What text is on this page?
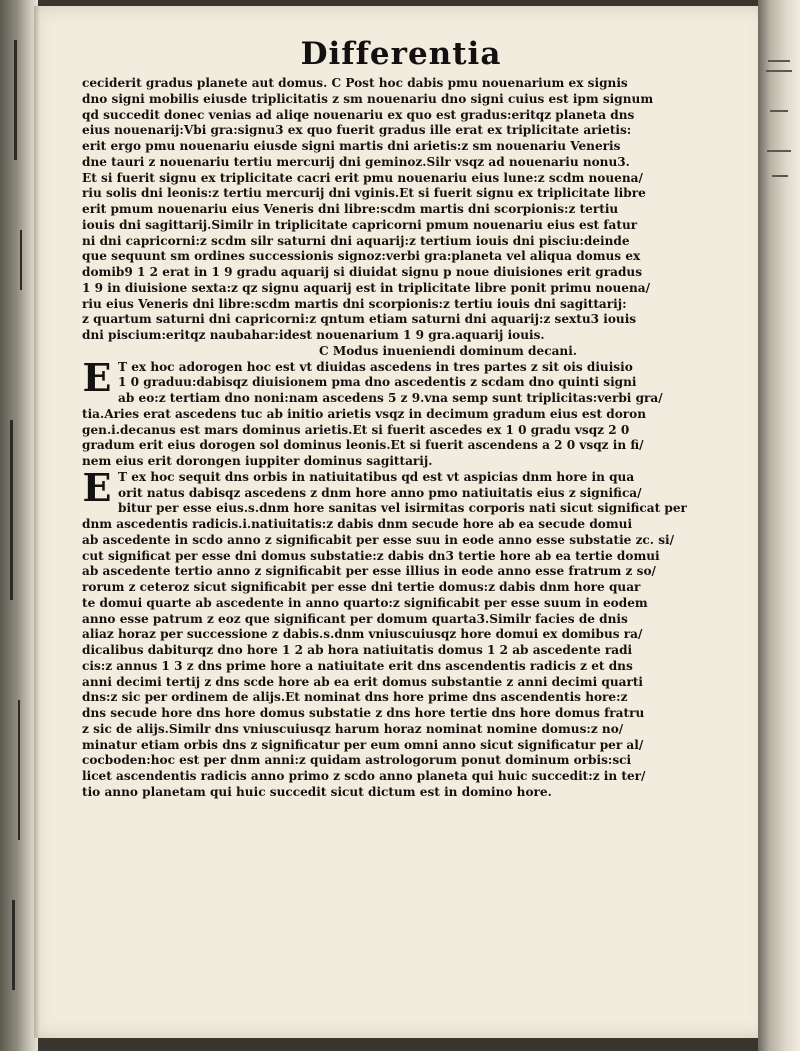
Differentia
ceciderit gradus planete aut domus. C Post hoc dabis pmu nouenarium ex signis
dno signi mobilis eiusde triplicitatis z sm nouenariu dno signi cuius est ipm signum
qd succedit donec venias ad aliqe nouenariu ex quo est gradus:eritqz planeta dns
eius nouenarij:Vbi gra:signu3 ex quo fuerit gradus ille erat ex triplicitate arietis:
erit ergo pmu nouenariu eiusde signi martis dni arietis:z sm nouenariu Veneris
dne tauri z nouenariu tertiu mercurij dni geminoz.Silr vsqz ad nouenariu nonu3.
Et si fuerit signu ex triplicitate cacri erit pmu nouenariu eius lune:z scdm nouena/
riu solis dni leonis:z tertiu mercurij dni vginis.Et si fuerit signu ex triplicitate libre
erit pmum nouenariu eius Veneris dni libre:scdm martis dni scorpionis:z tertiu
iouis dni sagittarij.Similr in triplicitate capricorni pmum nouenariu eius est fatur
ni dni capricorni:z scdm silr saturni dni aquarij:z tertium iouis dni pisciu:deinde
que sequunt sm ordines successionis signoz:verbi gra:planeta vel aliqua domus ex
domib9 1 2 erat in 1 9 gradu aquarij si diuidat signu p noue diuisiones erit gradus
1 9 in diuisione sexta:z qz signu aquarij est in triplicitate libre ponit primu nouena/
riu eius Veneris dni libre:scdm martis dni scorpionis:z tertiu iouis dni sagittarij:
z quartum saturni dni capricorni:z qntum etiam saturni dni aquarij:z sextu3 iouis
dni piscium:eritqz naubahar:idest nouenarium 1 9 gra.aquarij iouis.
C Modus inueniendi dominum decani.
E T ex hoc adorogen hoc est vt diuidas ascedens in tres partes z sit ois diuisio
1 0 graduu:dabisqz diuisionem pma dno ascedentis z scdam dno quinti signi
ab eo:z tertiam dno noni:nam ascedens 5 z 9.vna semp sunt triplicitas:verbi gra/
tia.Aries erat ascedens tuc ab initio arietis vsqz in decimum gradum eius est doron
gen.i.decanus est mars dominus arietis.Et si fuerit ascedes ex 1 0 gradu vsqz 2 0
gradum erit eius dorogen sol dominus leonis.Et si fuerit ascendens a 2 0 vsqz in fi/
nem eius erit dorongen iuppiter dominus sagittarij.
E T ex hoc sequit dns orbis in natiuitatibus qd est vt aspicias dnm hore in qua
orit natus dabisqz ascedens z dnm hore anno pmo natiuitatis eius z significa/
bitur per esse eius.s.dnm hore sanitas vel isirmitas corporis nati sicut significat per
dnm ascedentis radicis.i.natiuitatis:z dabis dnm secude hore ab ea secude domui
ab ascedente in scdo anno z significabit per esse suu in eode anno esse substatie zc. si/
cut significat per esse dni domus substatie:z dabis dn3 tertie hore ab ea tertie domui
ab ascedente tertio anno z significabit per esse illius in eode anno esse fratrum z so/
rorum z ceteroz sicut significabit per esse dni tertie domus:z dabis dnm hore quar
te domui quarte ab ascedente in anno quarto:z significabit per esse suum in eodem
anno esse patrum z eoz que significant per domum quarta3.Similr facies de dnis
aliaz horaz per successione z dabis.s.dnm vniuscuiusqz hore domui ex domibus ra/
dicalibus dabiturqz dno hore 1 2 ab hora natiuitatis domus 1 2 ab ascedente radi
cis:z annus 1 3 z dns prime hore a natiuitate erit dns ascendentis radicis z et dns
anni decimi tertij z dns scde hore ab ea erit domus substantie z anni decimi quarti
dns:z sic per ordinem de alijs.Et nominat dns hore prime dns ascendentis hore:z
dns secude hore dns hore domus substatie z dns hore tertie dns hore domus fratru
z sic de alijs.Similr dns vniuscuiusqz harum horaz nominat nomine domus:z no/
minatur etiam orbis dns z significatur per eum omni anno sicut significatur per al/
cocboden:hoc est per dnm anni:z quidam astrologorum ponut dominum orbis:sci
licet ascendentis radicis anno primo z scdo anno planeta qui huic succedit:z in ter/
tio anno planetam qui huic succedit sicut dictum est in domino hore.
